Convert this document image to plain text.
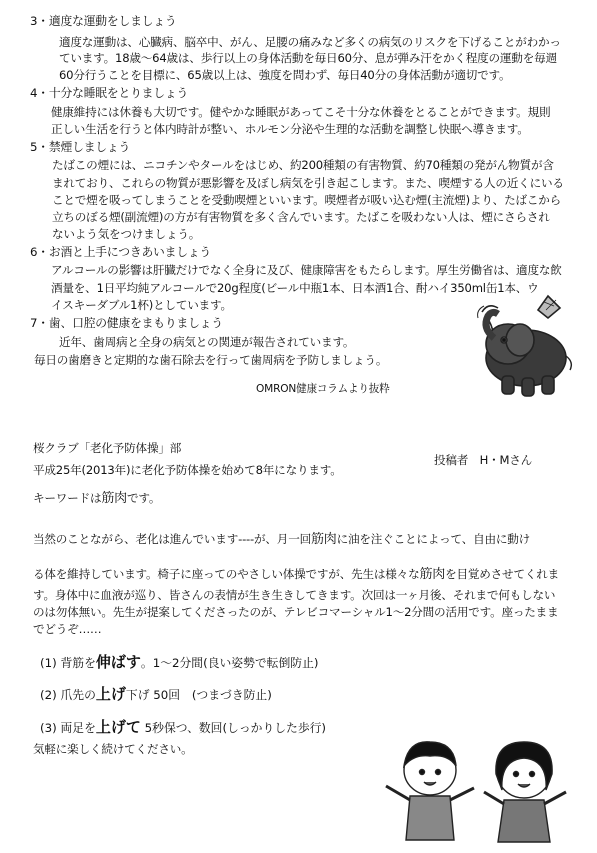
3・適度な運動をしましょう
適度な運動は、心臓病、脳卒中、がん、足腰の痛みなど多くの病気のリスクを下げることがわかっ
ています。18歳〜64歳は、歩行以上の身体活動を毎日60分、息が弾み汗をかく程度の運動を毎週
60分行うことを目標に、65歳以上は、強度を問わず、毎日40分の身体活動が適切です。
4・十分な睡眠をとりましょう
健康維持には休養も大切です。健やかな睡眠があってこそ十分な休養をとることができます。規則
正しい生活を行うと体内時計が整い、ホルモン分泌や生理的な活動を調整し快眠へ導きます。
5・禁煙しましょう
たばこの煙には、ニコチンやタールをはじめ、約200種類の有害物質、約70種類の発がん物質が含
まれており、これらの物質が悪影響を及ぼし病気を引き起こします。また、喫煙する人の近くにいる
ことで煙を吸ってしまうことを受動喫煙といいます。喫煙者が吸い込む煙(主流煙)より、たばこから
立ちのぼる煙(副流煙)の方が有害物質を多く含んでいます。たばこを吸わない人は、煙にさらされ
ないよう気をつけましょう。
6・お酒と上手につきあいましょう
アルコールの影響は肝臓だけでなく全身に及び、健康障害をもたらします。厚生労働省は、適度な飲
酒量を、1日平均純アルコールで20g程度(ビール中瓶1本、日本酒1合、酎ハイ350ml缶1本、ウ
イスキーダブル1杯)としています。
7・歯、口腔の健康をまもりましょう
近年、歯周病と全身の病気との関連が報告されています。
毎日の歯磨きと定期的な歯石除去を行って歯周病を予防しましょう。
OMRON健康コラムより抜粋
桜クラブ「老化予防体操」部
投稿者　H・Mさん
平成25年(2013年)に老化予防体操を始めて8年になります。
キーワードは筋肉です。
当然のことながら、老化は進んでいます‐‐‐‐が、月一回筋肉に油を注ぐことによって、自由に動け
る体を維持しています。椅子に座ってのやさしい体操ですが、先生は様々な筋肉を目覚めさせてくれま
す。身体中に血液が巡り、皆さんの表情が生き生きしてきます。次回は一ヶ月後、それまで何もしない
のは勿体無い。先生が提案してくださったのが、テレビコマーシャル1〜2分間の活用です。座ったまま
でどうぞ……
(1) 背筋を伸ばす。1〜2分間(良い姿勢で転倒防止)
(2) 爪先の上げ下げ 50回　(つまづき防止)
(3) 両足を上げて 5秒保つ、数回(しっかりした歩行)
気軽に楽しく続けてください。
